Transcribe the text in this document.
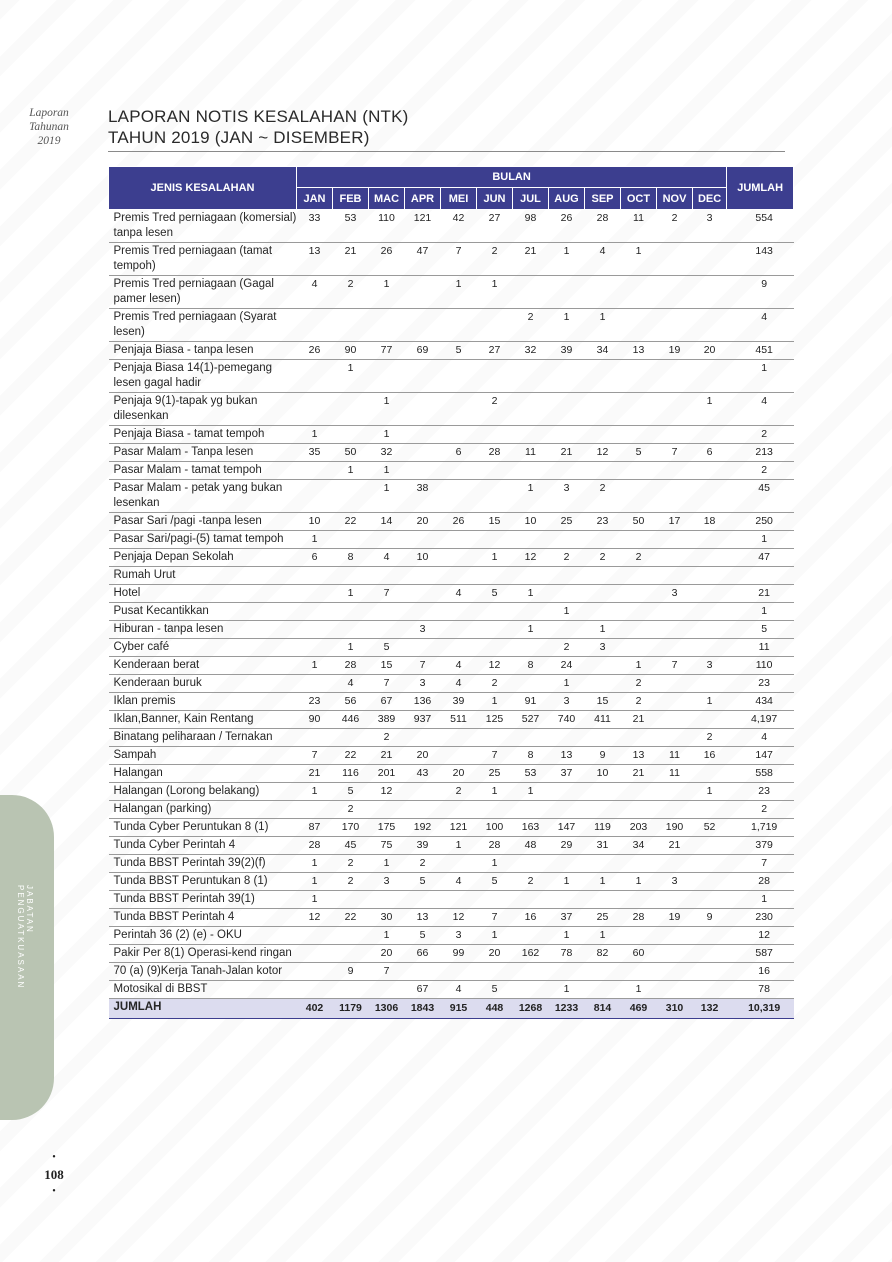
Laporan
Tahunan
2019
LAPORAN NOTIS KESALAHAN (NTK)
TAHUN 2019 (JAN ~ DISEMBER)
JABATAN PENGUATKUASAAN
•
108
•
JENIS KESALAHAN	BULAN												JUMLAH
	JAN	FEB	MAC	APR	MEI	JUN	JUL	AUG	SEP	OCT	NOV	DEC	
Premis Tred perniagaan (komersial) tanpa lesen	33	53	110	121	42	27	98	26	28	11	2	3	554
Premis Tred perniagaan (tamat tempoh)	13	21	26	47	7	2	21	1	4	1			143
Premis Tred perniagaan (Gagal pamer lesen)	4	2	1		1	1							9
Premis Tred perniagaan (Syarat lesen)							2	1	1				4
Penjaja Biasa - tanpa lesen	26	90	77	69	5	27	32	39	34	13	19	20	451
Penjaja Biasa 14(1)-pemegang lesen gagal hadir		1											1
Penjaja 9(1)-tapak yg bukan dilesenkan			1			2						1	4
Penjaja Biasa - tamat tempoh	1		1										2
Pasar Malam - Tanpa lesen	35	50	32		6	28	11	21	12	5	7	6	213
Pasar Malam - tamat tempoh		1	1										2
Pasar Malam - petak yang bukan lesenkan			1	38			1	3	2				45
Pasar Sari /pagi -tanpa lesen	10	22	14	20	26	15	10	25	23	50	17	18	250
Pasar Sari/pagi-(5) tamat tempoh	1												1
Penjaja Depan Sekolah	6	8	4	10		1	12	2	2	2			47
Rumah Urut													
Hotel		1	7		4	5	1				3		21
Pusat Kecantikkan								1					1
Hiburan - tanpa lesen				3			1		1				5
Cyber café		1	5					2	3				11
Kenderaan berat	1	28	15	7	4	12	8	24		1	7	3	110
Kenderaan buruk		4	7	3	4	2		1		2			23
Iklan premis	23	56	67	136	39	1	91	3	15	2		1	434
Iklan,Banner, Kain Rentang	90	446	389	937	511	125	527	740	411	21			4,197
Binatang peliharaan / Ternakan			2									2	4
Sampah	7	22	21	20		7	8	13	9	13	11	16	147
Halangan	21	116	201	43	20	25	53	37	10	21	11		558
Halangan (Lorong belakang)	1	5	12		2	1	1					1	23
Halangan (parking)		2											2
Tunda Cyber Peruntukan 8 (1)	87	170	175	192	121	100	163	147	119	203	190	52	1,719
Tunda Cyber Perintah 4	28	45	75	39	1	28	48	29	31	34	21		379
Tunda BBST Perintah 39(2)(f)	1	2	1	2		1							7
Tunda BBST Peruntukan 8 (1)	1	2	3	5	4	5	2	1	1	1	3		28
Tunda BBST Perintah 39(1)	1												1
Tunda BBST Perintah 4	12	22	30	13	12	7	16	37	25	28	19	9	230
Perintah 36 (2) (e) - OKU			1	5	3	1		1	1				12
Pakir Per 8(1) Operasi-kend ringan			20	66	99	20	162	78	82	60			587
70 (a) (9)Kerja Tanah-Jalan kotor		9	7										16
Motosikal di BBST				67	4	5		1		1			78
JUMLAH	402	1179	1306	1843	915	448	1268	1233	814	469	310	132	10,319
